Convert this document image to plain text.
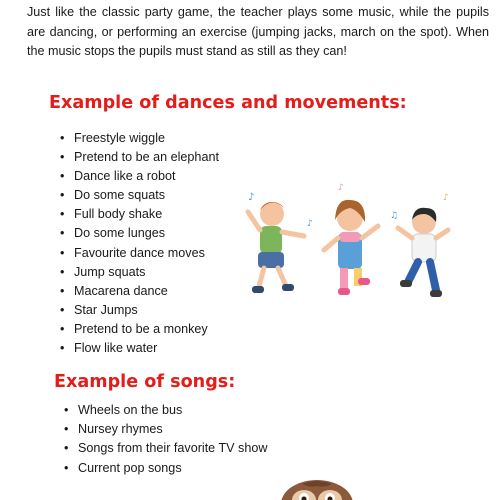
Just like the classic party game, the teacher plays some music, while the pupils are dancing, or performing an exercise (jumping jacks, march on the spot). When the music stops the pupils must stand as still as they can!

Example of dances and movements:
• Freestyle wiggle
• Pretend to be an elephant
• Dance like a robot
• Do some squats
• Full body shake
• Do some lunges
• Favourite dance moves
• Jump squats
• Macarena dance
• Star Jumps
• Pretend to be a monkey
• Flow like water
♪
♪
♪
♫
♪
Example of songs:
• Wheels on the bus
• Nursey rhymes
• Songs from their favorite TV show
• Current pop songs
